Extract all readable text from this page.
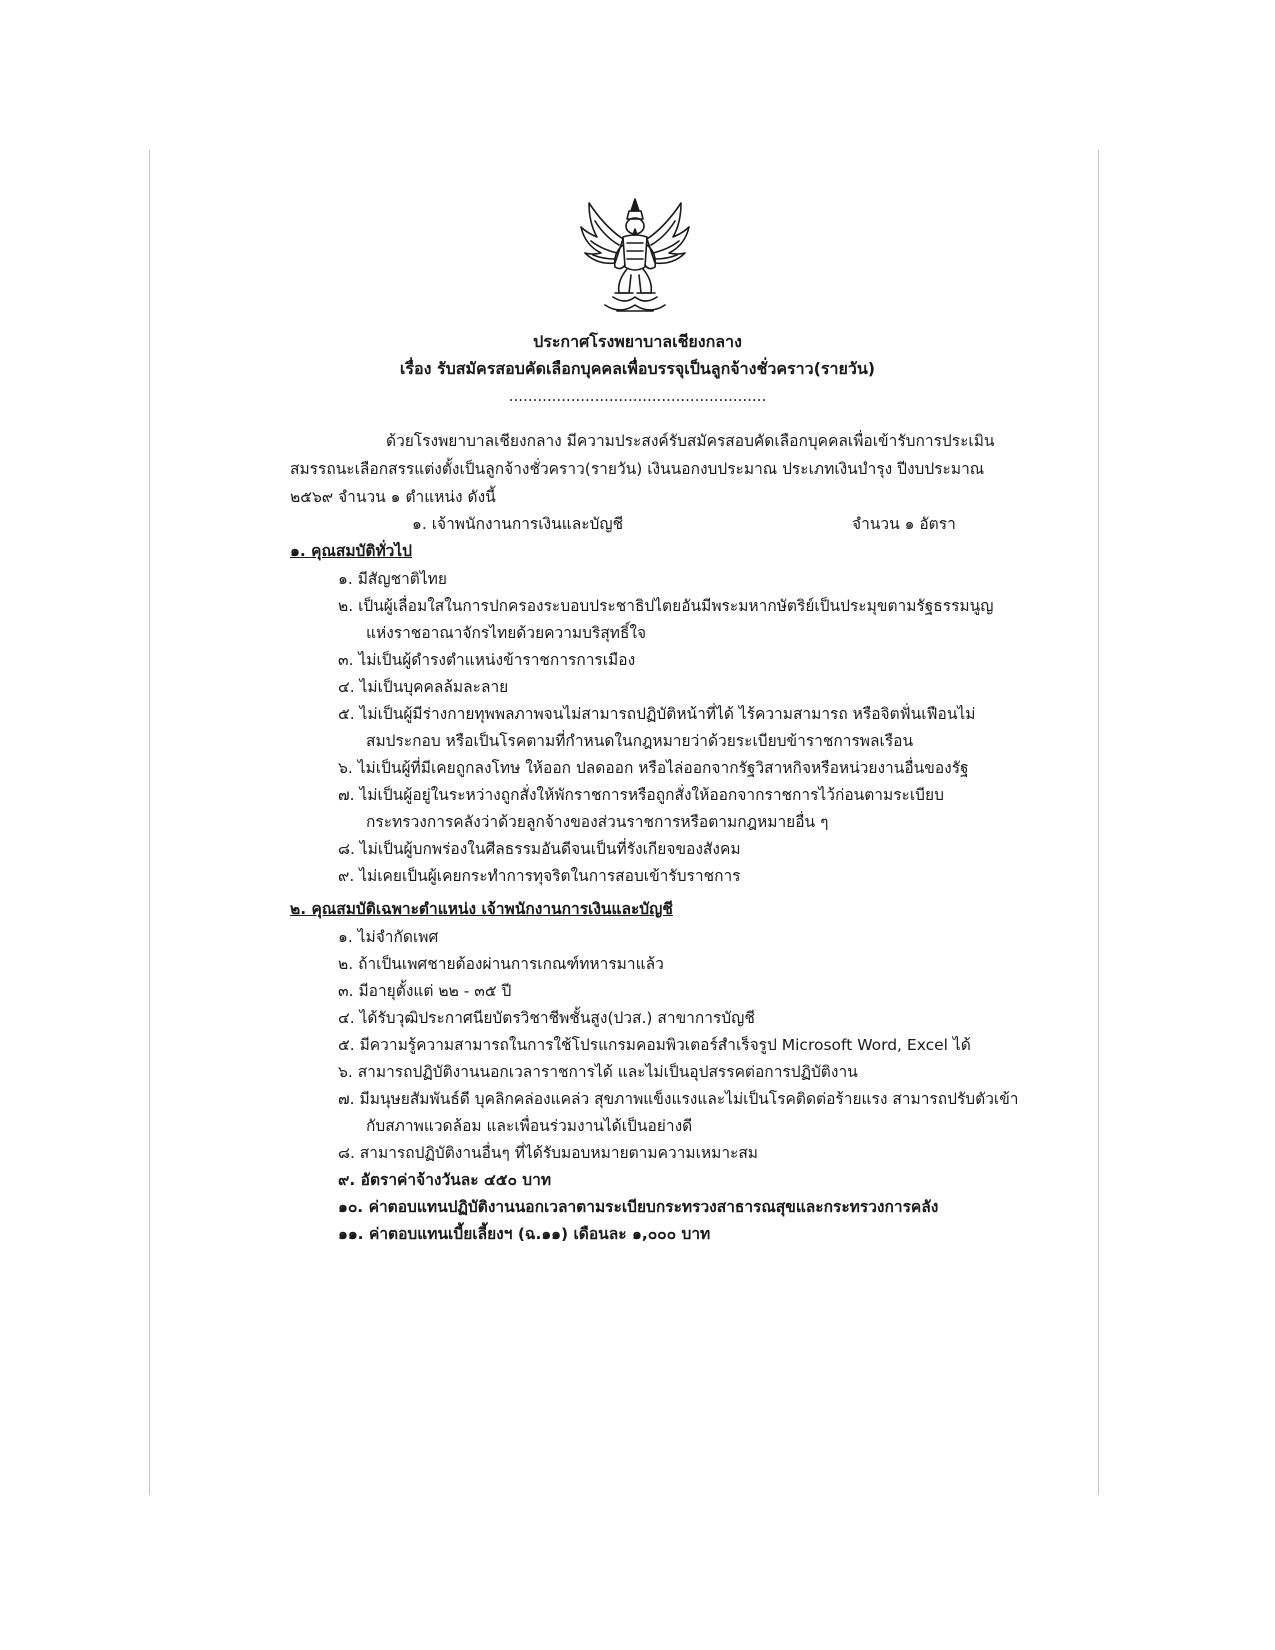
ประกาศโรงพยาบาลเชียงกลาง
เรื่อง รับสมัครสอบคัดเลือกบุคคลเพื่อบรรจุเป็นลูกจ้างชั่วคราว(รายวัน)
......................................................
ด้วยโรงพยาบาลเชียงกลาง มีความประสงค์รับสมัครสอบคัดเลือกบุคคลเพื่อเข้ารับการประเมิน
สมรรถนะเลือกสรรแต่งตั้งเป็นลูกจ้างชั่วคราว(รายวัน) เงินนอกงบประมาณ ประเภทเงินบำรุง ปีงบประมาณ
๒๕๖๙ จำนวน ๑ ตำแหน่ง ดังนี้
๑. เจ้าพนักงานการเงินและบัญชี	จำนวน ๑ อัตรา
๑. คุณสมบัติทั่วไป
๑. มีสัญชาติไทย
๒. เป็นผู้เลื่อมใสในการปกครองระบอบประชาธิปไตยอันมีพระมหากษัตริย์เป็นประมุขตามรัฐธรรมนูญ
แห่งราชอาณาจักรไทยด้วยความบริสุทธิ์ใจ
๓. ไม่เป็นผู้ดำรงตำแหน่งข้าราชการการเมือง
๔. ไม่เป็นบุคคลล้มละลาย
๕. ไม่เป็นผู้มีร่างกายทุพพลภาพจนไม่สามารถปฏิบัติหน้าที่ได้ ไร้ความสามารถ หรือจิตฟั่นเฟือนไม่
สมประกอบ หรือเป็นโรคตามที่กำหนดในกฎหมายว่าด้วยระเบียบข้าราชการพลเรือน
๖. ไม่เป็นผู้ที่มีเคยถูกลงโทษ ให้ออก ปลดออก หรือไล่ออกจากรัฐวิสาหกิจหรือหน่วยงานอื่นของรัฐ
๗. ไม่เป็นผู้อยู่ในระหว่างถูกสั่งให้พักราชการหรือถูกสั่งให้ออกจากราชการไว้ก่อนตามระเบียบ
กระทรวงการคลังว่าด้วยลูกจ้างของส่วนราชการหรือตามกฎหมายอื่น ๆ
๘. ไม่เป็นผู้บกพร่องในศีลธรรมอันดีจนเป็นที่รังเกียจของสังคม
๙. ไม่เคยเป็นผู้เคยกระทำการทุจริตในการสอบเข้ารับราชการ
๒. คุณสมบัติเฉพาะตำแหน่ง เจ้าพนักงานการเงินและบัญชี
๑. ไม่จำกัดเพศ
๒. ถ้าเป็นเพศชายต้องผ่านการเกณฑ์ทหารมาแล้ว
๓. มีอายุตั้งแต่ ๒๒ - ๓๕ ปี
๔. ได้รับวุฒิประกาศนียบัตรวิชาชีพชั้นสูง(ปวส.) สาขาการบัญชี
๕. มีความรู้ความสามารถในการใช้โปรแกรมคอมพิวเตอร์สำเร็จรูป Microsoft Word, Excel ได้
๖. สามารถปฏิบัติงานนอกเวลาราชการได้ และไม่เป็นอุปสรรคต่อการปฏิบัติงาน
๗. มีมนุษยสัมพันธ์ดี บุคลิกคล่องแคล่ว สุขภาพแข็งแรงและไม่เป็นโรคติดต่อร้ายแรง สามารถปรับตัวเข้า
กับสภาพแวดล้อม และเพื่อนร่วมงานได้เป็นอย่างดี
๘. สามารถปฏิบัติงานอื่นๆ ที่ได้รับมอบหมายตามความเหมาะสม
๙. อัตราค่าจ้างวันละ ๔๕๐ บาท
๑๐. ค่าตอบแทนปฏิบัติงานนอกเวลาตามระเบียบกระทรวงสาธารณสุขและกระทรวงการคลัง
๑๑. ค่าตอบแทนเบี้ยเลี้ยงฯ (ฉ.๑๑) เดือนละ ๑,๐๐๐ บาท
